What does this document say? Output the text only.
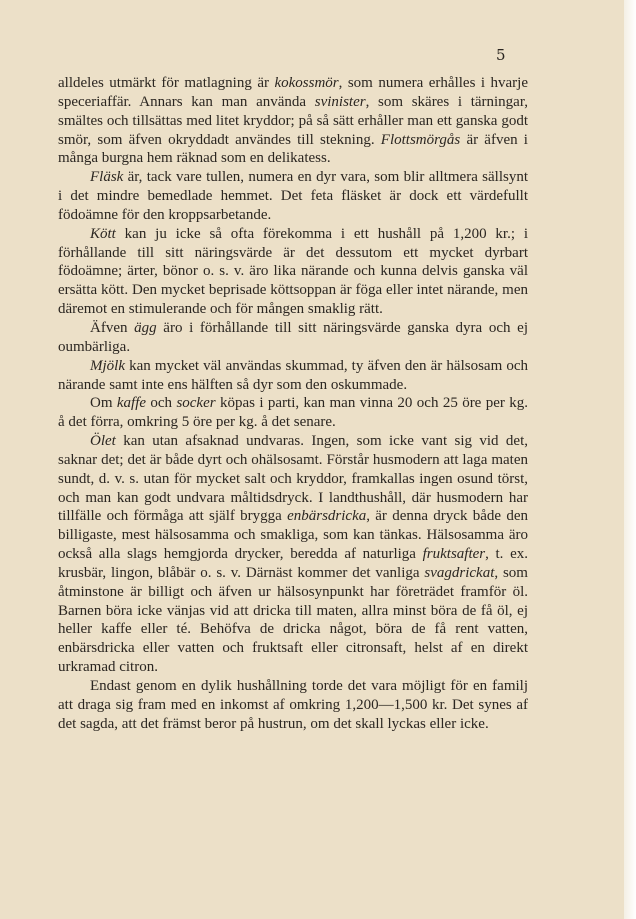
5

alldeles utmärkt för matlagning är kokossmör, som numera erhålles i hvarje speceriaffär. Annars kan man använda svinister, som skäres i tärningar, smältes och tillsättas med litet kryddor; på så sätt erhåller man ett ganska godt smör, som äfven okryddadt användes till stekning. Flottsmörgås är äfven i många burgna hem räknad som en delikatess.

Fläsk är, tack vare tullen, numera en dyr vara, som blir alltmera sällsynt i det mindre bemedlade hemmet. Det feta fläsket är dock ett värdefullt födoämne för den kroppsarbetande.

Kött kan ju icke så ofta förekomma i ett hushåll på 1,200 kr.; i förhållande till sitt näringsvärde är det dessutom ett mycket dyrbart födoämne; ärter, bönor o. s. v. äro lika närande och kunna delvis ganska väl ersätta kött. Den mycket beprisade köttsoppan är föga eller intet närande, men däremot en stimulerande och för mången smaklig rätt.

Äfven ägg äro i förhållande till sitt näringsvärde ganska dyra och ej oumbärliga.

Mjölk kan mycket väl användas skummad, ty äfven den är hälsosam och närande samt inte ens hälften så dyr som den oskummade.

Om kaffe och socker köpas i parti, kan man vinna 20 och 25 öre per kg. å det förra, omkring 5 öre per kg. å det senare.

Ölet kan utan afsaknad undvaras. Ingen, som icke vant sig vid det, saknar det; det är både dyrt och ohälsosamt. Förstår husmodern att laga maten sundt, d. v. s. utan för mycket salt och kryddor, framkallas ingen osund törst, och man kan godt undvara måltidsdryck. I landthushåll, där husmodern har tillfälle och förmåga att själf brygga enbärsdricka, är denna dryck både den billigaste, mest hälsosamma och smakliga, som kan tänkas. Hälsosamma äro också alla slags hemgjorda drycker, beredda af naturliga fruktsafter, t. ex. krusbär, lingon, blåbär o. s. v. Därnäst kommer det vanliga svagdrickat, som åtminstone är billigt och äfven ur hälsosynpunkt har företrädet framför öl. Barnen böra icke vänjas vid att dricka till maten, allra minst böra de få öl, ej heller kaffe eller té. Behöfva de dricka något, böra de få rent vatten, enbärsdricka eller vatten och fruktsaft eller citronsaft, helst af en direkt urkramad citron.

Endast genom en dylik hushållning torde det vara möjligt för en familj att draga sig fram med en inkomst af omkring 1,200—1,500 kr. Det synes af det sagda, att det främst beror på hustrun, om det skall lyckas eller icke.
